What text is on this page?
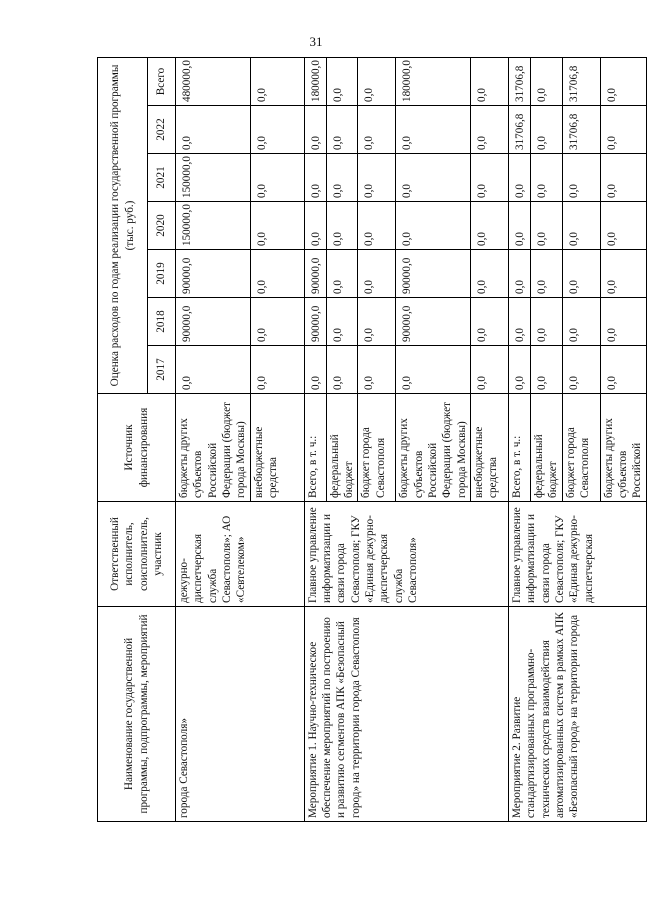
31
Наименование государственной программы, подпрограммы, мероприятий	Ответственный исполнитель, соисполнитель, участник	Источник финансирования	Оценка расходов по годам реализации государственной программы (тыс. руб.)						
			2017	2018	2019	2020	2021	2022	Всего
города Севастополя»	дежурно-диспетчерская служба Севастополя»; АО «Севтелеком»	бюджеты других субъектов Российской Федерации (бюджет города Москвы)	0,0	90000,0	90000,0	150000,0	150000,0	0,0	480000,0
		внебюджетные средства	0,0	0,0	0,0	0,0	0,0	0,0	0,0
Мероприятие 1. Научно-техническое обеспечение мероприятий по построению и развитию сегментов АПК «Безопасный город» на территории города Севастополя	Главное управление информатизации и связи города Севастополя; ГКУ «Единая дежурно-диспетчерская служба Севастополя»	Всего, в т. ч.:	0,0	90000,0	90000,0	0,0	0,0	0,0	180000,0
		федеральный бюджет	0,0	0,0	0,0	0,0	0,0	0,0	0,0
		бюджет города Севастополя	0,0	0,0	0,0	0,0	0,0	0,0	0,0
		бюджеты других субъектов Российской Федерации (бюджет города Москвы)	0,0	90000,0	90000,0	0,0	0,0	0,0	180000,0
		внебюджетные средства	0,0	0,0	0,0	0,0	0,0	0,0	0,0
Мероприятие 2. Развитие стандартизированных программно-технических средств взаимодействия автоматизированных систем в рамках АПК «Безопасный город» на территории города	Главное управление информатизации и связи города Севастополя; ГКУ «Единая дежурно-диспетчерская	Всего, в т. ч.:	0,0	0,0	0,0	0,0	0,0	31706,8	31706,8
		федеральный бюджет	0,0	0,0	0,0	0,0	0,0	0,0	0,0
		бюджет города Севастополя	0,0	0,0	0,0	0,0	0,0	31706,8	31706,8
		бюджеты других субъектов Российской	0,0	0,0	0,0	0,0	0,0	0,0	0,0
